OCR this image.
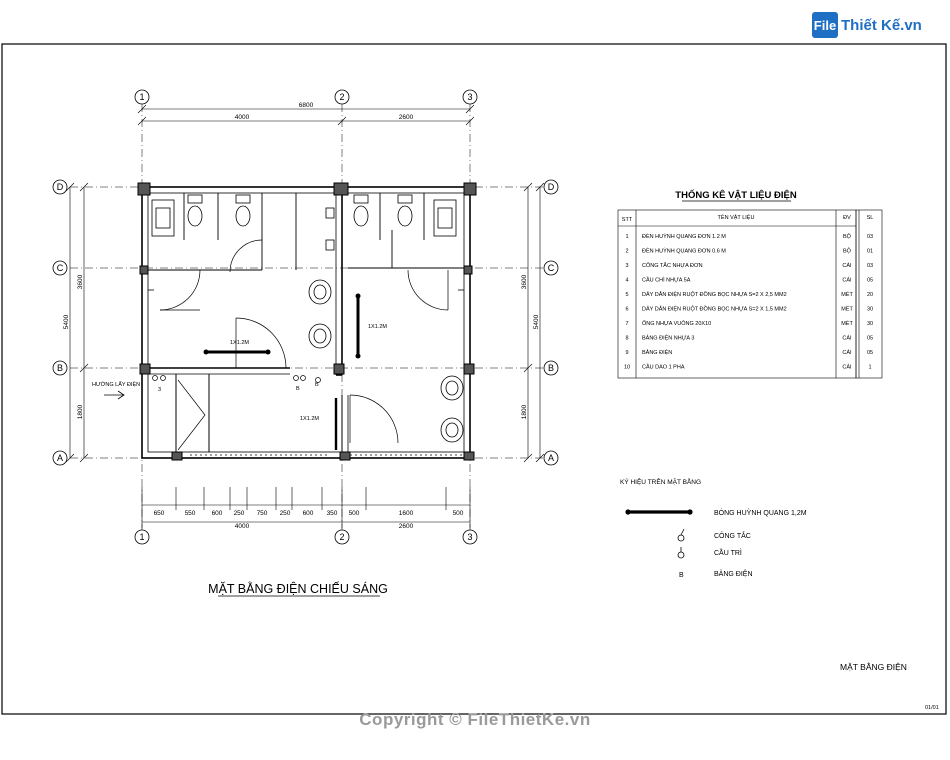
File Thiết Kế.vn
1	2	3
1	2	3
D
C
B
A
D
C
B
A
6800
4000	2600
4000	2600
650	550 600 250 750 250 600 350 500	1600	500
3600
1800
5400
3600
1800
5400
1X1.2M
1X1.2M
1X1.2M
HƯỚNG LẤY ĐIỆN	B
B
3
MẶT BẰNG ĐIỆN CHIẾU SÁNG
THỐNG KÊ VẬT LIỆU ĐIỆN
STT	TÊN VẬT LIỆU	ĐV	SL
1 ĐÈN HUỲNH QUANG ĐƠN 1.2 M	BỘ	03
2 ĐÈN HUỲNH QUANG ĐƠN 0.6 M	BỘ	01
3 CÔNG TẮC NHỰA ĐƠN	CÁI	03
4 CẦU CHÌ NHỰA 5A	CÁI	05
5 DÂY DẪN ĐIỆN RUỘT ĐỒNG BỌC NHỰA S=2 X 2,5 MM2	MÉT	20
6 DÂY DẪN ĐIỆN RUỘT ĐỒNG BỌC NHỰA S=2 X 1,5 MM2	MÉT	30
7 ỐNG NHỰA VUÔNG 20X10	MÉT	30
8 BẢNG ĐIỆN NHỰA 3	CÁI	05
9 BẢNG ĐIỆN	CÁI	05
10 CẦU DAO 1 PHA	CÁI	1
KÝ HIỆU TRÊN MẶT BẰNG
BÓNG HUỲNH QUANG 1,2M
CÔNG TẮC
CẦU TRÌ
B	BẢNG ĐIỆN
MẶT BẰNG ĐIỆN
01/01
Copyright © FileThietKe.vn
